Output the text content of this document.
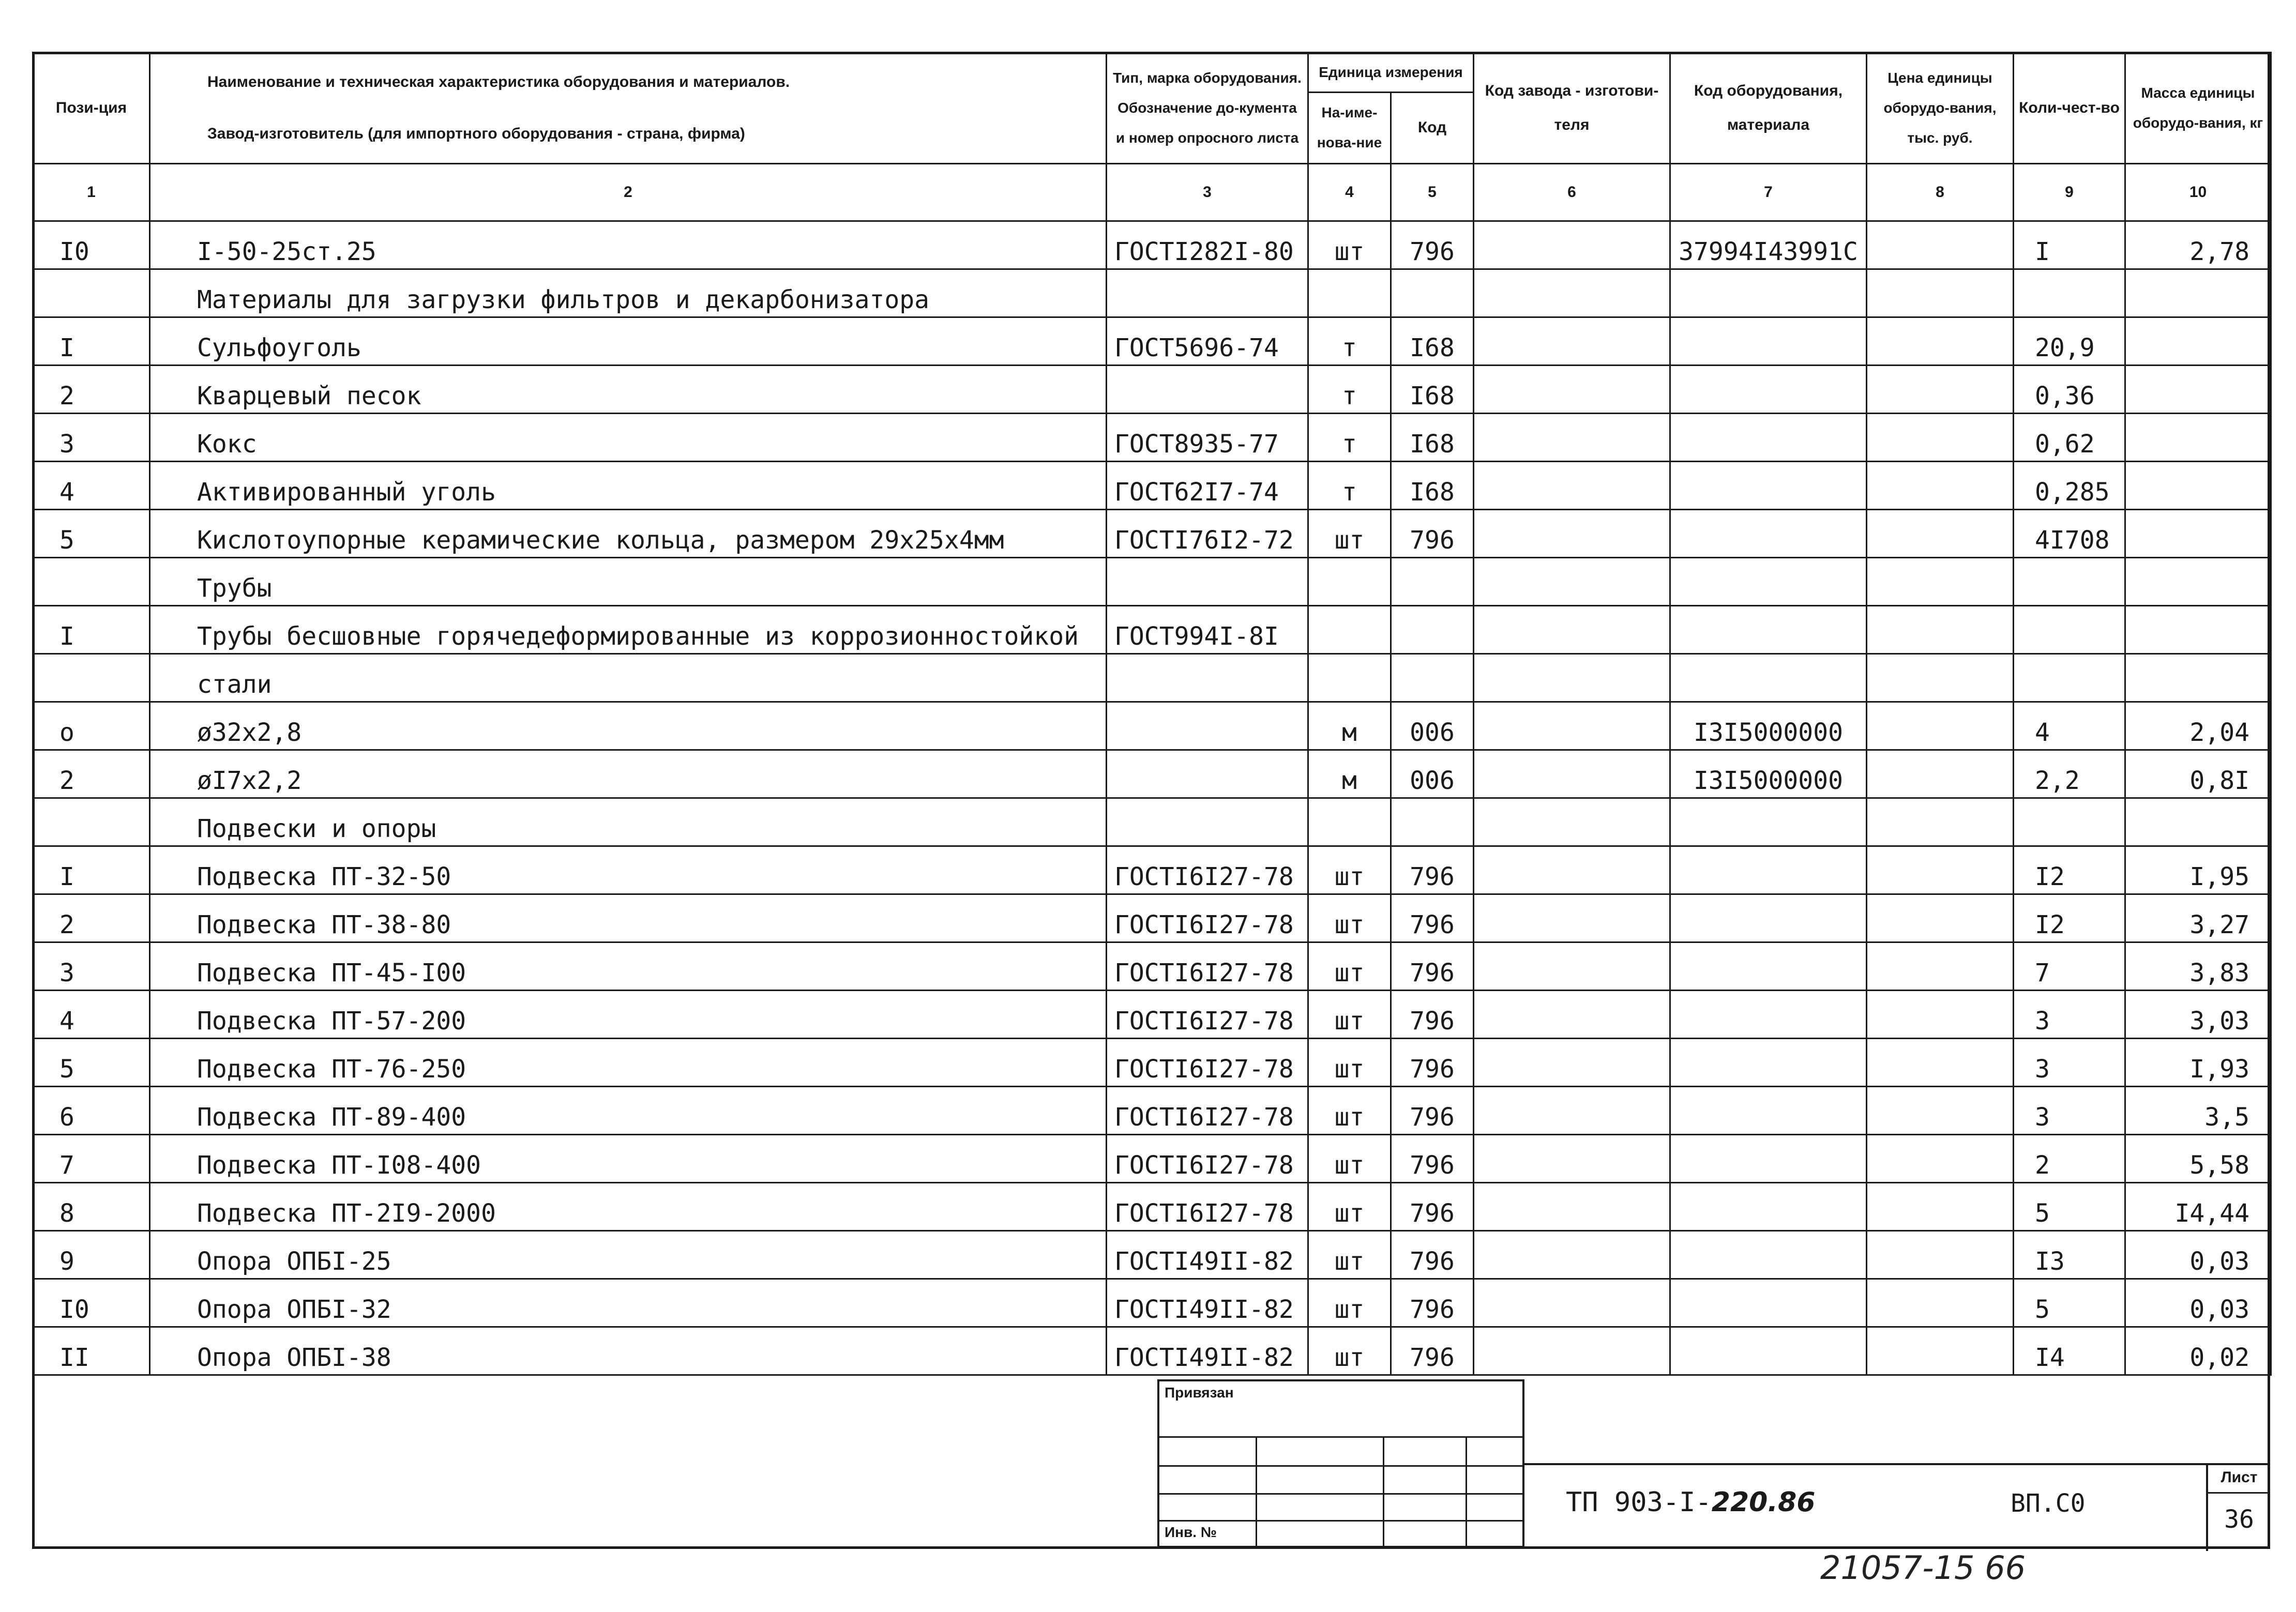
Пози-ция	Наименование и техническая характеристика оборудования и материалов.
Завод-изготовитель (для импортного оборудования - страна, фирма)	Тип, марка оборудования. Обозначение до-кумента и номер опросного листа	Единица измерения		Код завода - изготови-теля	Код оборудования, материала	Цена единицы оборудо-вания, тыс. руб.	Коли-чест-во	Масса единицы оборудо-вания, кг
			На-име-нова-ние	Код					
1	2	3	4	5	6	7	8	9	10
I0	I-50-25ст.25	ГОСТI282I-80	шт	796		37994I43991C		I	2,78
	Материалы для загрузки фильтров и декарбонизатора								
I	Сульфоуголь	ГОСТ5696-74	т	I68				20,9	
2	Кварцевый песок		т	I68				0,36	
3	Кокс	ГОСТ8935-77	т	I68				0,62	
4	Активированный уголь	ГОСТ62I7-74	т	I68				0,285	
5	Кислотоупорные керамические кольца, размером 29х25х4мм	ГОСТI76I2-72	шт	796				4I708	
	Трубы								
I	Трубы бесшовные горячедеформированные из коррозионностойкой	ГОСТ994I-8I							
	стали								
o	ø32х2,8		м	006		I3I5000000		4	2,04
2	øI7х2,2		м	006		I3I5000000		2,2	0,8I
	Подвески и опоры								
I	Подвеска ПТ-32-50	ГОСТI6I27-78	шт	796				I2	I,95
2	Подвеска ПТ-38-80	ГОСТI6I27-78	шт	796				I2	3,27
3	Подвеска ПТ-45-I00	ГОСТI6I27-78	шт	796				7	3,83
4	Подвеска ПТ-57-200	ГОСТI6I27-78	шт	796				3	3,03
5	Подвеска ПТ-76-250	ГОСТI6I27-78	шт	796				3	I,93
6	Подвеска ПТ-89-400	ГОСТI6I27-78	шт	796				3	3,5
7	Подвеска ПТ-I08-400	ГОСТI6I27-78	шт	796				2	5,58
8	Подвеска ПТ-2I9-2000	ГОСТI6I27-78	шт	796				5	I4,44
9	Опора ОПБI-25	ГОСТI49II-82	шт	796				I3	0,03
I0	Опора ОПБI-32	ГОСТI49II-82	шт	796				5	0,03
II	Опора ОПБI-38	ГОСТI49II-82	шт	796				I4	0,02
Привязан
Инв. №
ТП 903-I-220.86	ВП.С0
Лист
36
21057-15 66
